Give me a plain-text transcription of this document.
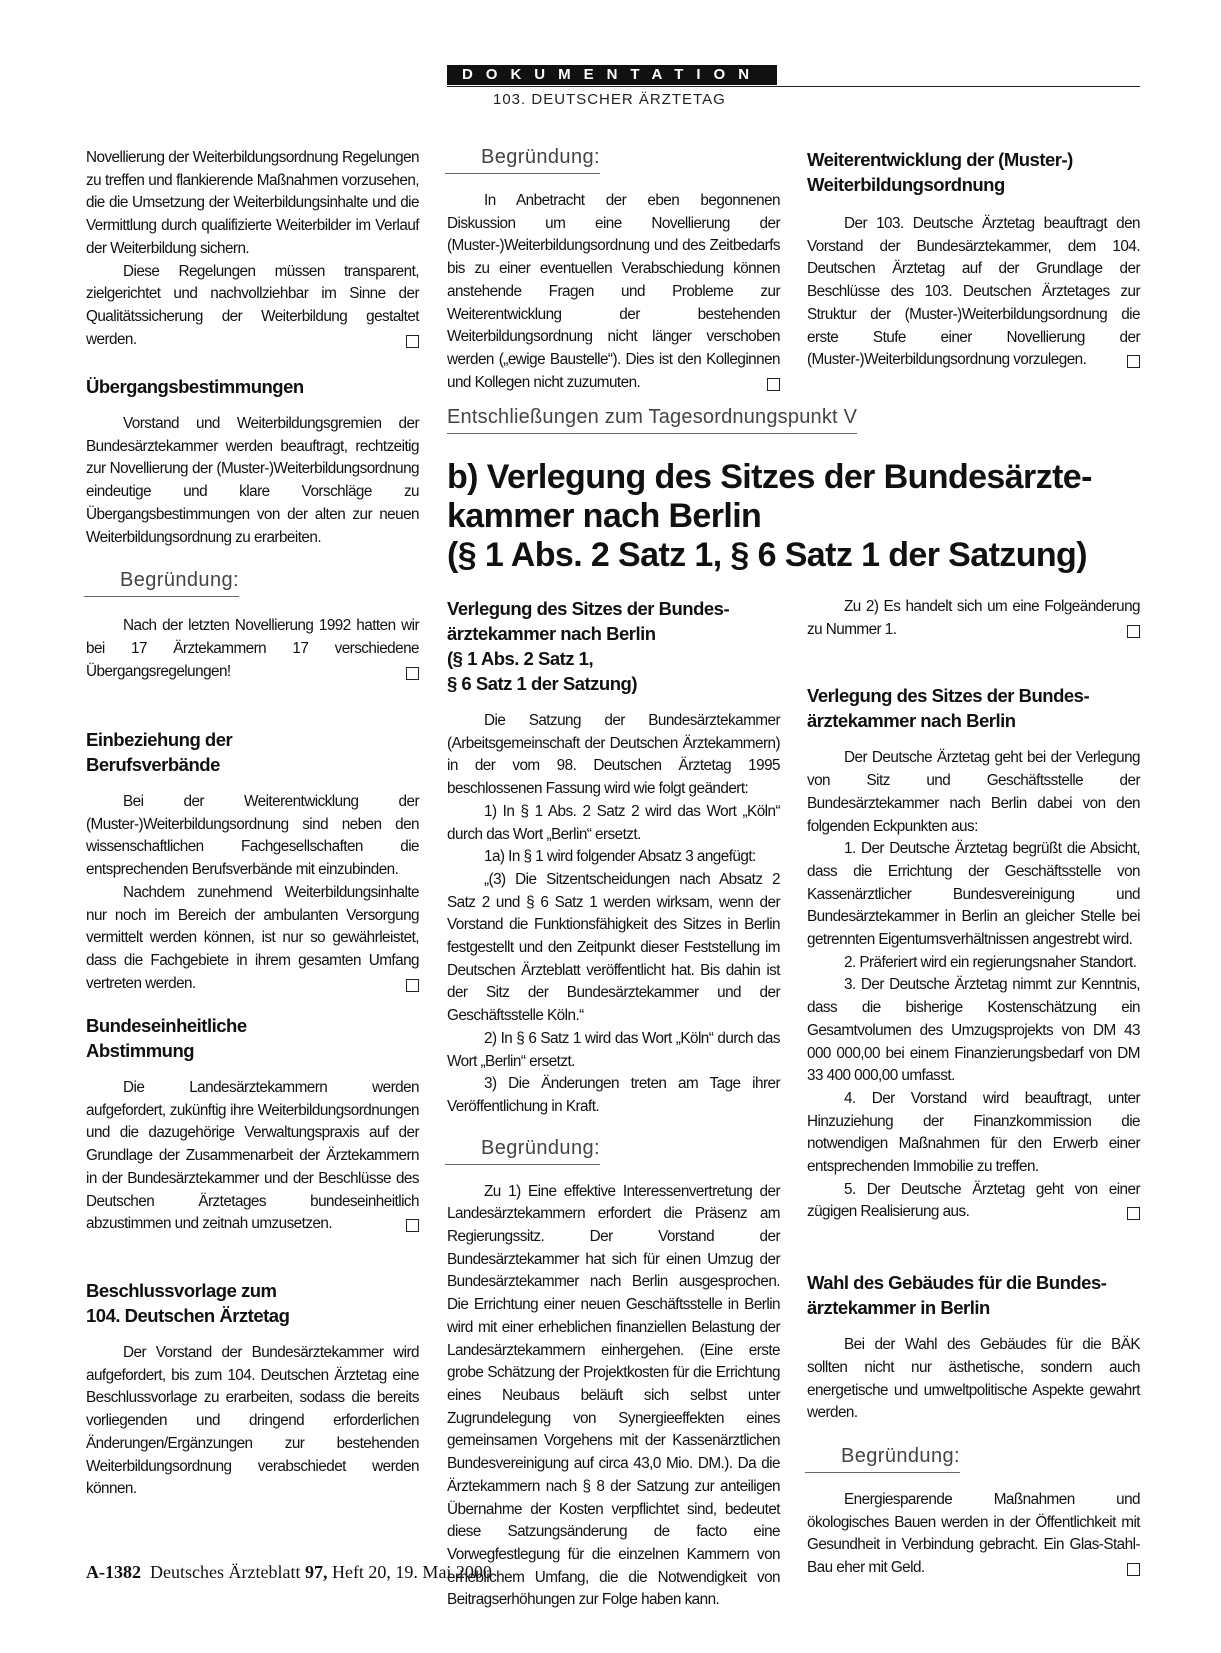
DOKUMENTATION
103. DEUTSCHER ÄRZTETAG

Novellierung der Weiterbildungsordnung Regelungen zu treffen und flankierende Maßnahmen vorzusehen, die die Umsetzung der Weiterbildungsinhalte und die Vermittlung durch qualifizierte Weiterbilder im Verlauf der Weiterbildung sichern.

Diese Regelungen müssen transparent, zielgerichtet und nachvollziehbar im Sinne der Qualitätssicherung der Weiterbildung gestaltet werden.

Übergangsbestimmungen

Vorstand und Weiterbildungsgremien der Bundesärztekammer werden beauftragt, rechtzeitig zur Novellierung der (Muster-)Weiterbildungsordnung eindeutige und klare Vorschläge zu Übergangsbestimmungen von der alten zur neuen Weiterbildungsordnung zu erarbeiten.

Begründung:

Nach der letzten Novellierung 1992 hatten wir bei 17 Ärztekammern 17 verschiedene Übergangsregelungen!

Einbeziehung der
Berufsverbände

Bei der Weiterentwicklung der (Muster-)Weiterbildungsordnung sind neben den wissenschaftlichen Fachgesellschaften die entsprechenden Berufsverbände mit einzubinden.

Nachdem zunehmend Weiterbildungsinhalte nur noch im Bereich der ambulanten Versorgung vermittelt werden können, ist nur so gewährleistet, dass die Fachgebiete in ihrem gesamten Umfang vertreten werden.

Bundeseinheitliche
Abstimmung

Die Landesärztekammern werden aufgefordert, zukünftig ihre Weiterbildungsordnungen und die dazugehörige Verwaltungspraxis auf der Grundlage der Zusammenarbeit der Ärztekammern in der Bundesärztekammer und der Beschlüsse des Deutschen Ärztetages bundeseinheitlich abzustimmen und zeitnah umzusetzen.

Beschlussvorlage zum
104. Deutschen Ärztetag

Der Vorstand der Bundesärztekammer wird aufgefordert, bis zum 104. Deutschen Ärztetag eine Beschlussvorlage zu erarbeiten, sodass die bereits vorliegenden und dringend erforderlichen Änderungen/Ergänzungen zur bestehenden Weiterbildungsordnung verabschiedet werden können.

Begründung:

In Anbetracht der eben begonnenen Diskussion um eine Novellierung der (Muster-)Weiterbildungsordnung und des Zeitbedarfs bis zu einer eventuellen Verabschiedung können anstehende Fragen und Probleme zur Weiterentwicklung der bestehenden Weiterbildungsordnung nicht länger verschoben werden („ewige Baustelle“). Dies ist den Kolleginnen und Kollegen nicht zuzumuten.

Weiterentwicklung der (Muster-)
Weiterbildungsordnung

Der 103. Deutsche Ärztetag beauftragt den Vorstand der Bundesärztekammer, dem 104. Deutschen Ärztetag auf der Grundlage der Beschlüsse des 103. Deutschen Ärztetages zur Struktur der (Muster-)Weiterbildungsordnung die erste Stufe einer Novellierung der (Muster-)Weiterbildungsordnung vorzulegen.

Entschließungen zum Tagesordnungspunkt V
b) Verlegung des Sitzes der Bundesärzte-
kammer nach Berlin
(§ 1 Abs. 2 Satz 1, § 6 Satz 1 der Satzung)
Verlegung des Sitzes der Bundes-
ärztekammer nach Berlin
(§ 1 Abs. 2 Satz 1,
§ 6 Satz 1 der Satzung)

Die Satzung der Bundesärztekammer (Arbeitsgemeinschaft der Deutschen Ärztekammern) in der vom 98. Deutschen Ärztetag 1995 beschlossenen Fassung wird wie folgt geändert:

1) In § 1 Abs. 2 Satz 2 wird das Wort „Köln“ durch das Wort „Berlin“ ersetzt.

1a) In § 1 wird folgender Absatz 3 angefügt:

„(3) Die Sitzentscheidungen nach Absatz 2 Satz 2 und § 6 Satz 1 werden wirksam, wenn der Vorstand die Funktionsfähigkeit des Sitzes in Berlin festgestellt und den Zeitpunkt dieser Feststellung im Deutschen Ärzteblatt veröffentlicht hat. Bis dahin ist der Sitz der Bundesärztekammer und der Geschäftsstelle Köln.“

2) In § 6 Satz 1 wird das Wort „Köln“ durch das Wort „Berlin“ ersetzt.

3) Die Änderungen treten am Tage ihrer Veröffentlichung in Kraft.

Begründung:

Zu 1) Eine effektive Interessenvertretung der Landesärztekammern erfordert die Präsenz am Regierungssitz. Der Vorstand der Bundesärztekammer hat sich für einen Umzug der Bundesärztekammer nach Berlin ausgesprochen. Die Errichtung einer neuen Geschäftsstelle in Berlin wird mit einer erheblichen finanziellen Belastung der Landesärztekammern einhergehen. (Eine erste grobe Schätzung der Projektkosten für die Errichtung eines Neubaus beläuft sich selbst unter Zugrundelegung von Synergieeffekten eines gemeinsamen Vorgehens mit der Kassenärztlichen Bundesvereinigung auf circa 43,0 Mio. DM.). Da die Ärztekammern nach § 8 der Satzung zur anteiligen Übernahme der Kosten verpflichtet sind, bedeutet diese Satzungsänderung de facto eine Vorwegfestlegung für die einzelnen Kammern von erheblichem Umfang, die die Notwendigkeit von Beitragserhöhungen zur Folge haben kann.

Zu 2) Es handelt sich um eine Folgeänderung zu Nummer 1.

Verlegung des Sitzes der Bundes-
ärztekammer nach Berlin

Der Deutsche Ärztetag geht bei der Verlegung von Sitz und Geschäftsstelle der Bundesärztekammer nach Berlin dabei von den folgenden Eckpunkten aus:

1. Der Deutsche Ärztetag begrüßt die Absicht, dass die Errichtung der Geschäftsstelle von Kassenärztlicher Bundesvereinigung und Bundesärztekammer in Berlin an gleicher Stelle bei getrennten Eigentumsverhältnissen angestrebt wird.

2. Präferiert wird ein regierungsnaher Standort.

3. Der Deutsche Ärztetag nimmt zur Kenntnis, dass die bisherige Kostenschätzung ein Gesamtvolumen des Umzugsprojekts von DM 43 000 000,00 bei einem Finanzierungsbedarf von DM 33 400 000,00 umfasst.

4. Der Vorstand wird beauftragt, unter Hinzuziehung der Finanzkommission die notwendigen Maßnahmen für den Erwerb einer entsprechenden Immobilie zu treffen.

5. Der Deutsche Ärztetag geht von einer zügigen Realisierung aus.

Wahl des Gebäudes für die Bundes-
ärztekammer in Berlin

Bei der Wahl des Gebäudes für die BÄK sollten nicht nur ästhetische, sondern auch energetische und umweltpolitische Aspekte gewahrt werden.

Begründung:

Energiesparende Maßnahmen und ökologisches Bauen werden in der Öffentlichkeit mit Gesundheit in Verbindung gebracht. Ein Glas-Stahl-Bau eher mit Geld.

A-1382 Deutsches Ärzteblatt 97, Heft 20, 19. Mai 2000
